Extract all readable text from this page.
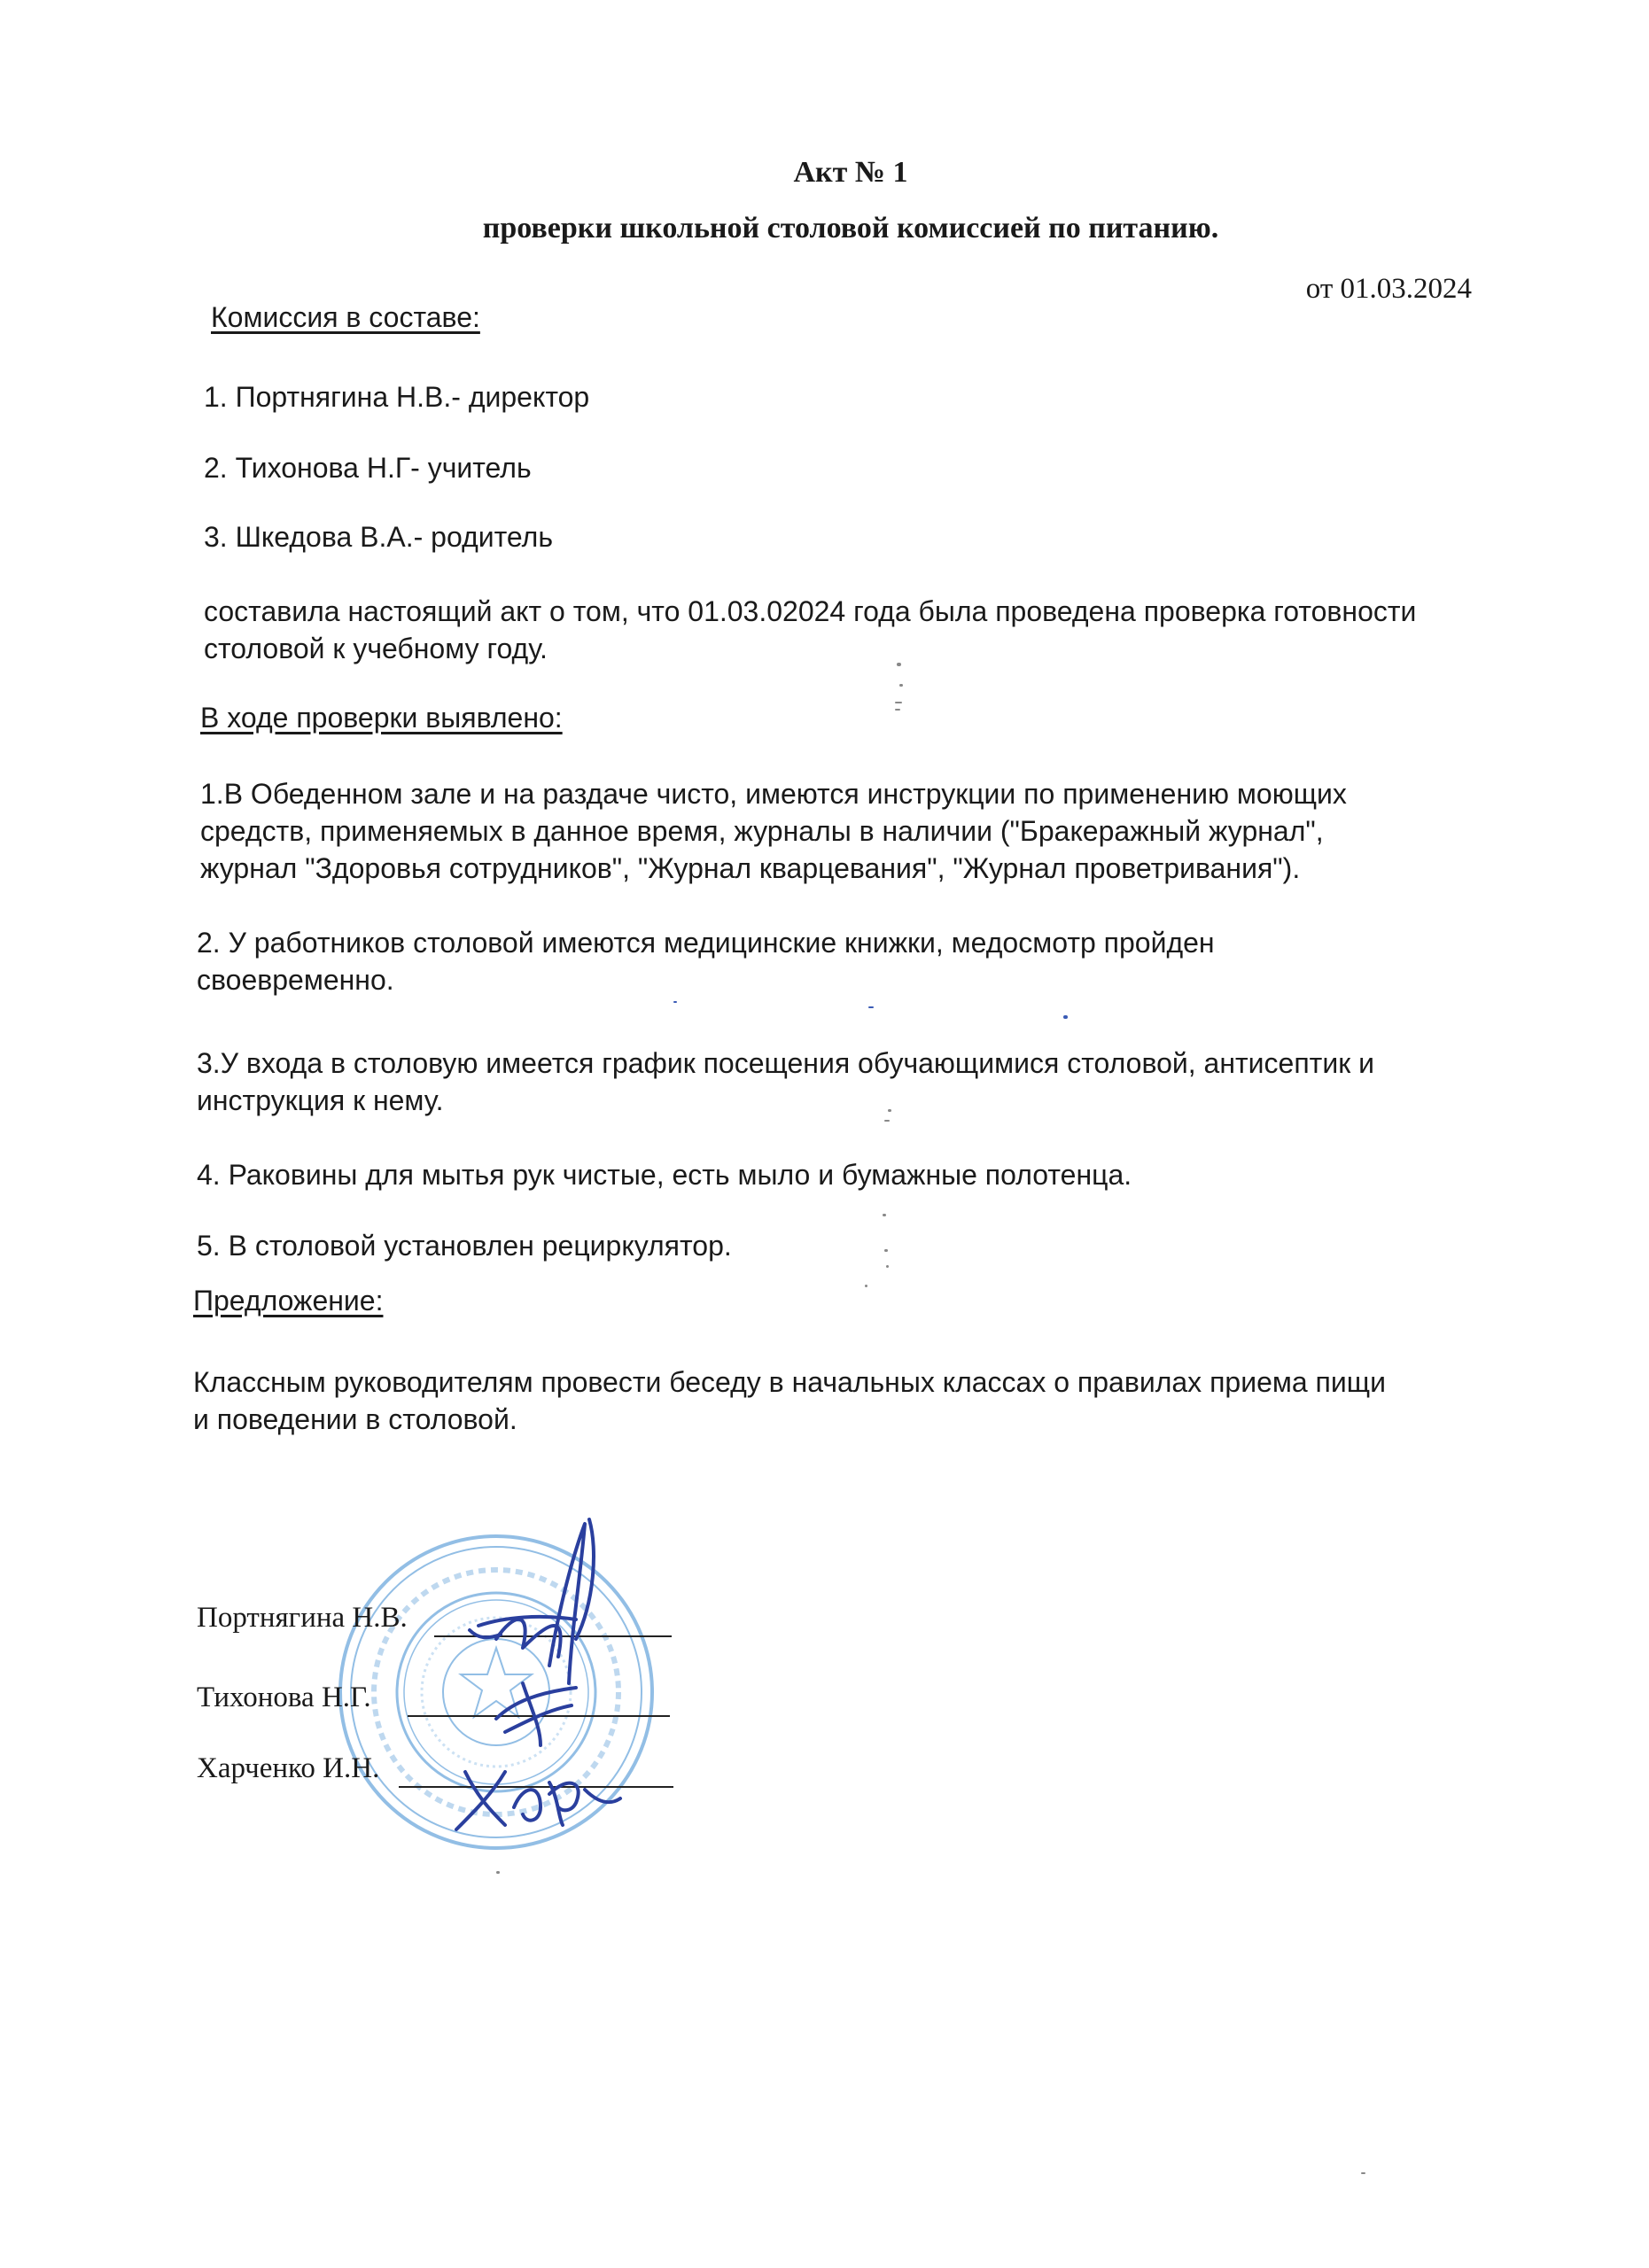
Акт № 1
проверки школьной столовой комиссией по питанию.
от 01.03.2024
Комиссия в составе:
1. Портнягина Н.В.- директор
2. Тихонова Н.Г- учитель
3. Шкедова В.А.- родитель
составила настоящий акт о том, что 01.03.02024 года была проведена проверка готовности
столовой к учебному году.
В ходе проверки выявлено:
1.В Обеденном зале и на раздаче чисто, имеются инструкции по применению моющих
средств, применяемых в данное время, журналы в наличии ("Бракеражный журнал",
журнал "Здоровья сотрудников", "Журнал кварцевания", "Журнал проветривания").
2. У работников столовой имеются медицинские книжки, медосмотр пройден
своевременно.
3.У входа в столовую имеется график посещения обучающимися столовой, антисептик и
инструкция к нему.
4. Раковины для мытья рук чистые, есть мыло и бумажные полотенца.
5. В столовой установлен рециркулятор.
Предложение:
Классным руководителям провести беседу в начальных классах о правилах приема пищи
и поведении в столовой.
Портнягина Н.В.
Тихонова Н.Г.
Харченко И.Н.
